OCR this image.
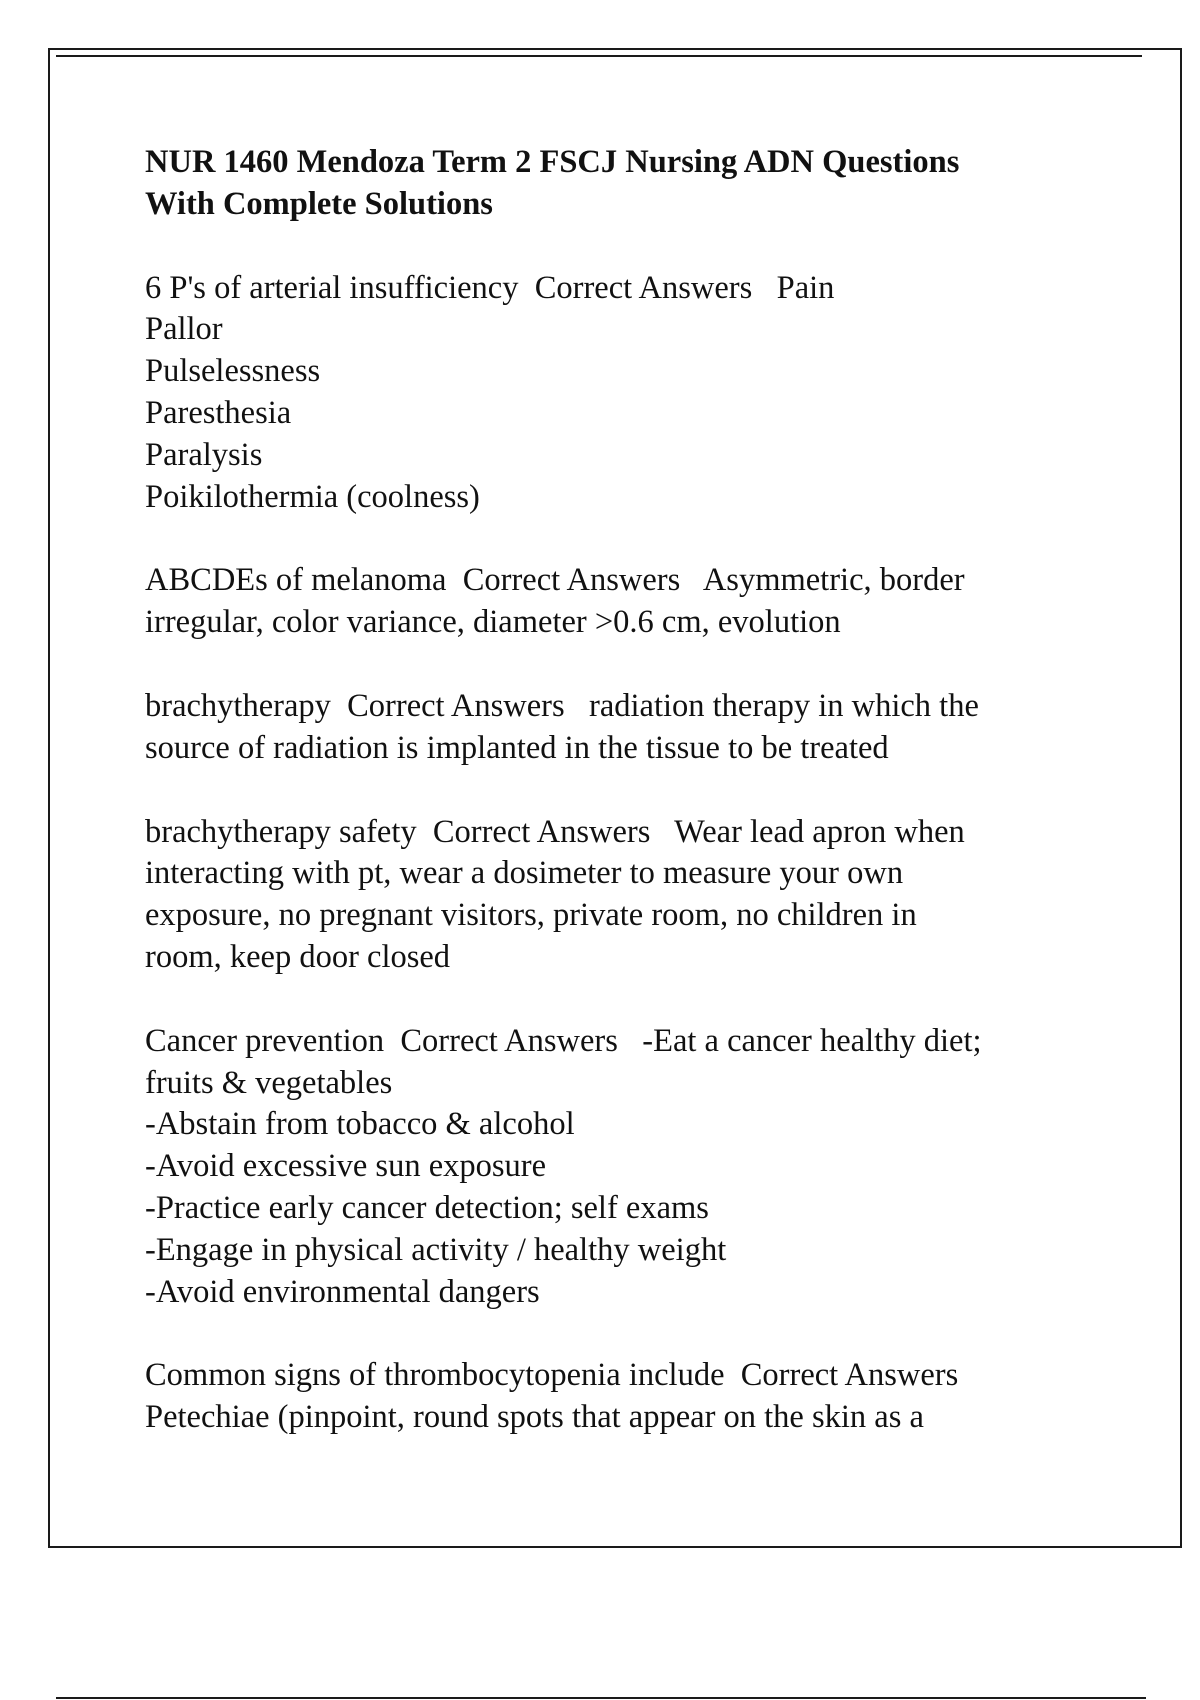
NUR 1460 Mendoza Term 2 FSCJ Nursing ADN Questions
With Complete Solutions
6 P's of arterial insufficiency  Correct Answers   Pain
Pallor
Pulselessness
Paresthesia
Paralysis
Poikilothermia (coolness)
ABCDEs of melanoma  Correct Answers   Asymmetric, border
irregular, color variance, diameter >0.6 cm, evolution
brachytherapy  Correct Answers   radiation therapy in which the
source of radiation is implanted in the tissue to be treated
brachytherapy safety  Correct Answers   Wear lead apron when
interacting with pt, wear a dosimeter to measure your own
exposure, no pregnant visitors, private room, no children in
room, keep door closed
Cancer prevention  Correct Answers   -Eat a cancer healthy diet;
fruits & vegetables
-Abstain from tobacco & alcohol
-Avoid excessive sun exposure
-Practice early cancer detection; self exams
-Engage in physical activity / healthy weight
-Avoid environmental dangers
Common signs of thrombocytopenia include  Correct Answers
Petechiae (pinpoint, round spots that appear on the skin as a
